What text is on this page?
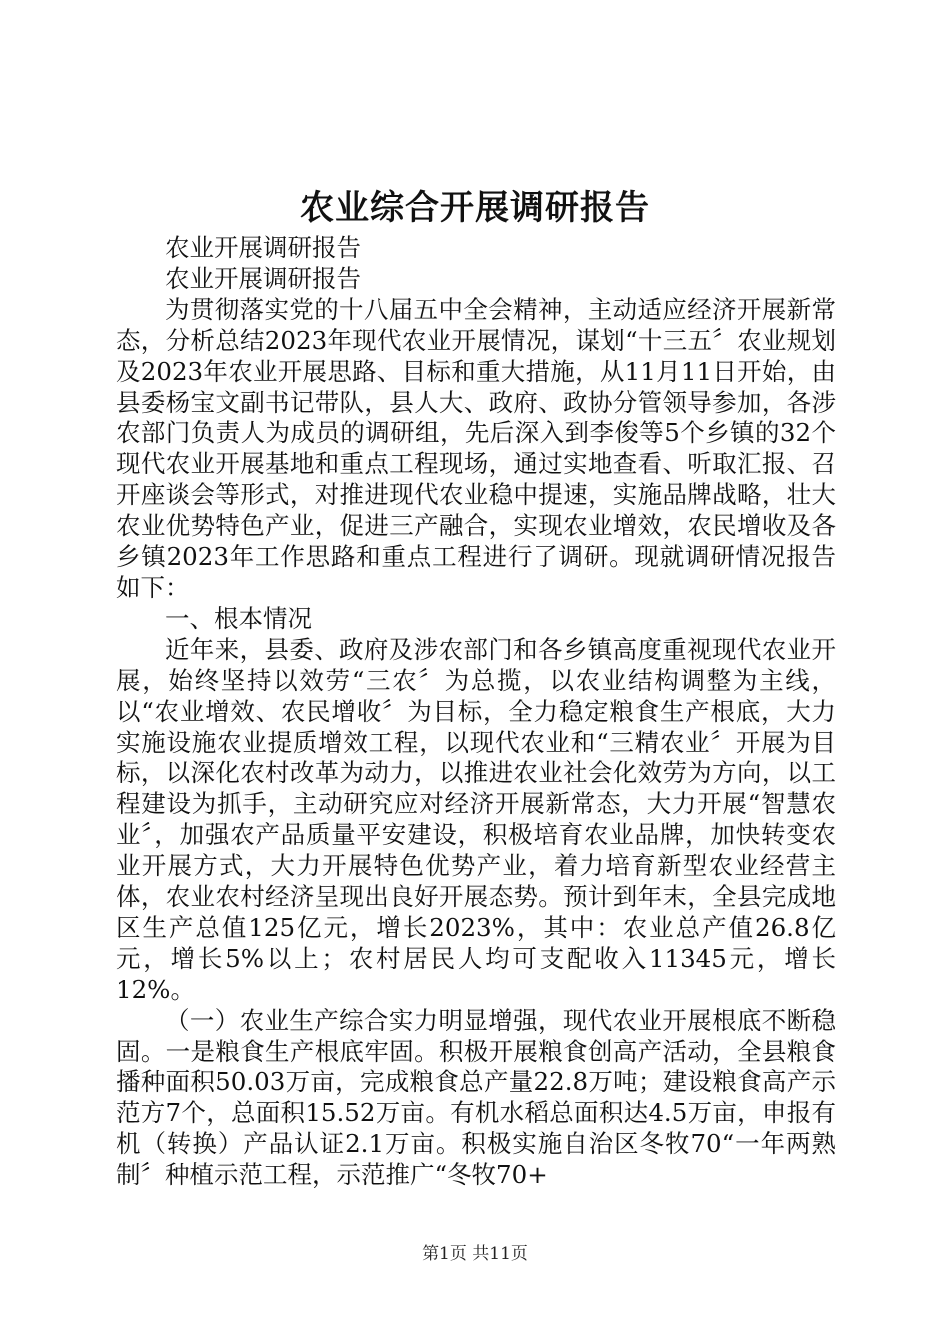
农业综合开展调研报告

农业开展调研报告

农业开展调研报告

为贯彻落实党的十八届五中全会精神，主动适应经济开展新常态，分析总结2023年现代农业开展情况，谋划“十三五〞农业规划及2023年农业开展思路、目标和重大措施，从11月11日开始，由县委杨宝文副书记带队，县人大、政府、政协分管领导参加，各涉农部门负责人为成员的调研组，先后深入到李俊等5个乡镇的32个现代农业开展基地和重点工程现场，通过实地查看、听取汇报、召开座谈会等形式，对推进现代农业稳中提速，实施品牌战略，壮大农业优势特色产业，促进三产融合，实现农业增效，农民增收及各乡镇2023年工作思路和重点工程进行了调研。现就调研情况报告如下：

一、根本情况

近年来，县委、政府及涉农部门和各乡镇高度重视现代农业开展，始终坚持以效劳“三农〞为总揽，以农业结构调整为主线，以“农业增效、农民增收〞为目标，全力稳定粮食生产根底，大力实施设施农业提质增效工程，以现代农业和“三精农业〞开展为目标，以深化农村改革为动力，以推进农业社会化效劳为方向，以工程建设为抓手，主动研究应对经济开展新常态，大力开展“智慧农业〞，加强农产品质量平安建设，积极培育农业品牌，加快转变农业开展方式，大力开展特色优势产业，着力培育新型农业经营主体，农业农村经济呈现出良好开展态势。预计到年末，全县完成地区生产总值125亿元，增长2023%，其中：农业总产值26.8亿元，增长5%以上；农村居民人均可支配收入11345元，增长12%。

（一）农业生产综合实力明显增强，现代农业开展根底不断稳固。一是粮食生产根底牢固。积极开展粮食创高产活动，全县粮食播种面积50.03万亩，完成粮食总产量22.8万吨；建设粮食高产示范方7个，总面积15.52万亩。有机水稻总面积达4.5万亩，申报有机（转换）产品认证2.1万亩。积极实施自治区冬牧70“一年两熟制〞种植示范工程，示范推广“冬牧70+

第1页 共11页
